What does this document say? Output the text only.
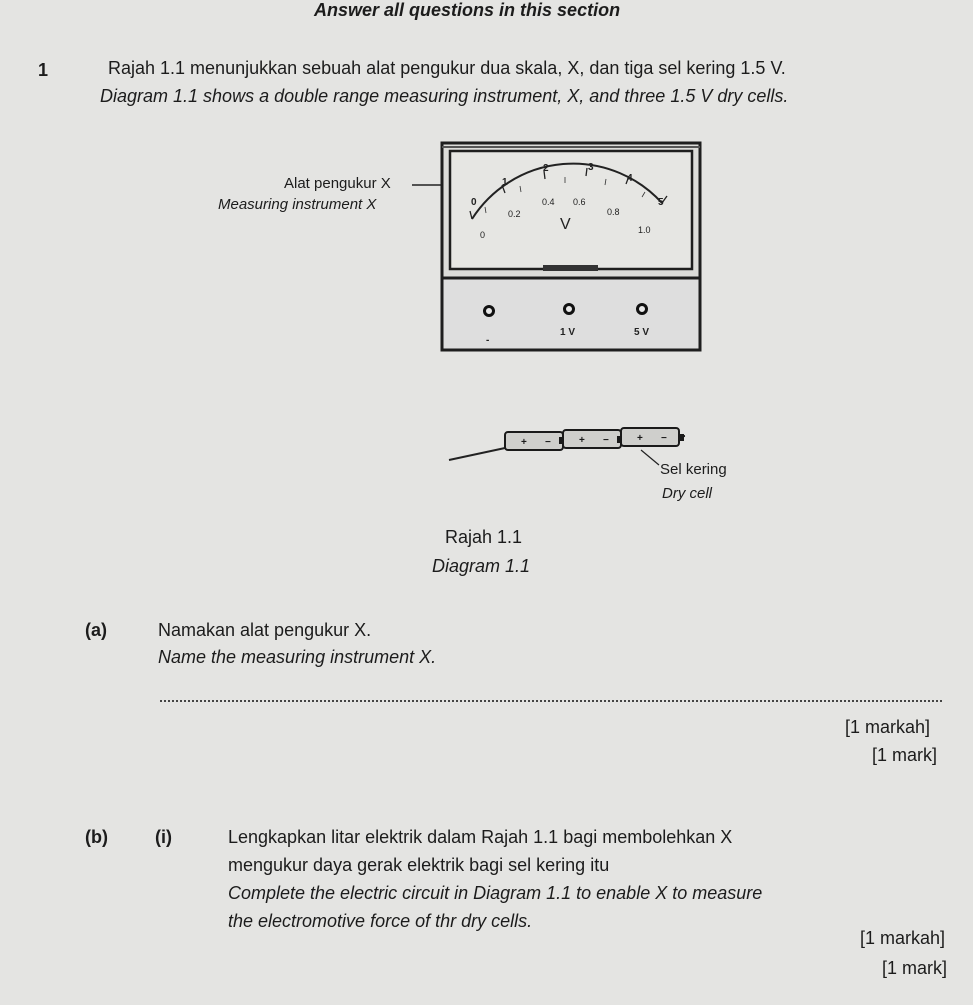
Answer all questions in this section
1	Rajah 1.1 menunjukkan sebuah alat pengukur dua skala, X, dan tiga sel kering 1.5 V.
Diagram 1.1 shows a double range measuring instrument, X, and three 1.5 V dry cells.
Alat pengukur X
Measuring instrument X	0
1
2	3
4
5
0
0.2
0.4 0.6
0.8
1.0
V
-
1 V	5 V
+ −	+ −	+ −
Sel kering
Dry cell
Rajah 1.1
Diagram 1.1
(a)	Namakan alat pengukur X.
Name the measuring instrument X.
[1 markah]
[1 mark]
(b)	(i)	Lengkapkan litar elektrik dalam Rajah 1.1 bagi membolehkan X
mengukur daya gerak elektrik bagi sel kering itu
Complete the electric circuit in Diagram 1.1 to enable X to measure
the electromotive force of thr dry cells.
[1 markah]
[1 mark]
